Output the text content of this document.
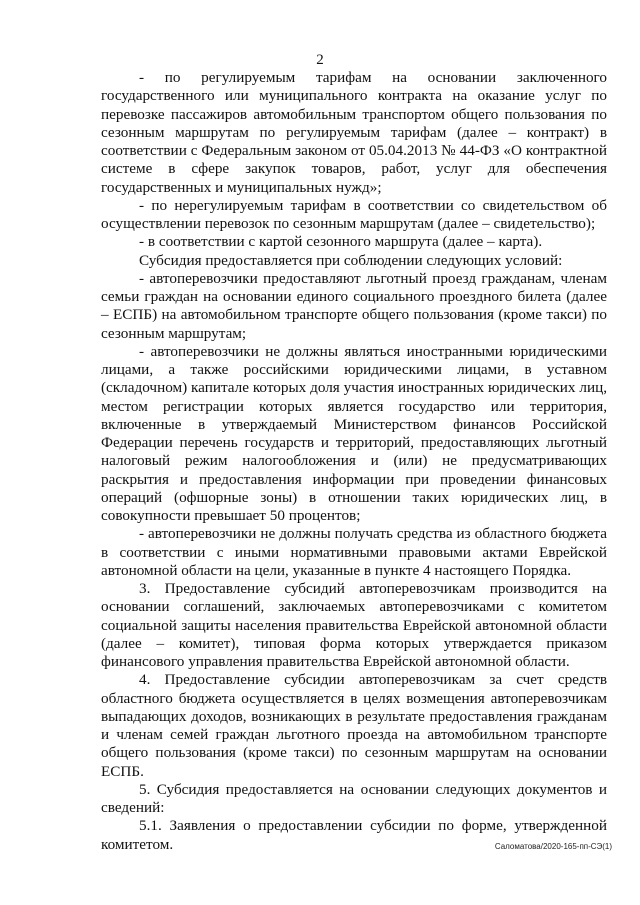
2

- по регулируемым тарифам на основании заключенного государственного или муниципального контракта на оказание услуг по перевозке пассажиров автомобильным транспортом общего пользования по сезонным маршрутам по регулируемым тарифам (далее – контракт) в соответствии с Федеральным законом от 05.04.2013 № 44-ФЗ «О контрактной системе в сфере закупок товаров, работ, услуг для обеспечения государственных и муниципальных нужд»;

- по нерегулируемым тарифам в соответствии со свидетельством об осуществлении перевозок по сезонным маршрутам (далее – свидетельство);

- в соответствии с картой сезонного маршрута (далее – карта).

Субсидия предоставляется при соблюдении следующих условий:

- автоперевозчики предоставляют льготный проезд гражданам, членам семьи граждан на основании единого социального проездного билета (далее – ЕСПБ) на автомобильном транспорте общего пользования (кроме такси) по сезонным маршрутам;

- автоперевозчики не должны являться иностранными юридическими лицами, а также российскими юридическими лицами, в уставном (складочном) капитале которых доля участия иностранных юридических лиц, местом регистрации которых является государство или территория, включенные в утверждаемый Министерством финансов Российской Федерации перечень государств и территорий, предоставляющих льготный налоговый режим налогообложения и (или) не предусматривающих раскрытия и предоставления информации при проведении финансовых операций (офшорные зоны) в отношении таких юридических лиц, в совокупности превышает 50 процентов;

- автоперевозчики не должны получать средства из областного бюджета в соответствии с иными нормативными правовыми актами Еврейской автономной области на цели, указанные в пункте 4 настоящего Порядка.

3. Предоставление субсидий автоперевозчикам производится на основании соглашений, заключаемых автоперевозчиками с комитетом социальной защиты населения правительства Еврейской автономной области (далее – комитет), типовая форма которых утверждается приказом финансового управления правительства Еврейской автономной области.

4. Предоставление субсидии автоперевозчикам за счет средств областного бюджета осуществляется в целях возмещения автоперевозчикам выпадающих доходов, возникающих в результате предоставления гражданам и членам семей граждан льготного проезда на автомобильном транспорте общего пользования (кроме такси) по сезонным маршрутам на основании ЕСПБ.

5. Субсидия предоставляется на основании следующих документов и сведений:

5.1. Заявления о предоставлении субсидии по форме, утвержденной комитетом.	Саломатова/2020-165-пп-СЭ(1)
